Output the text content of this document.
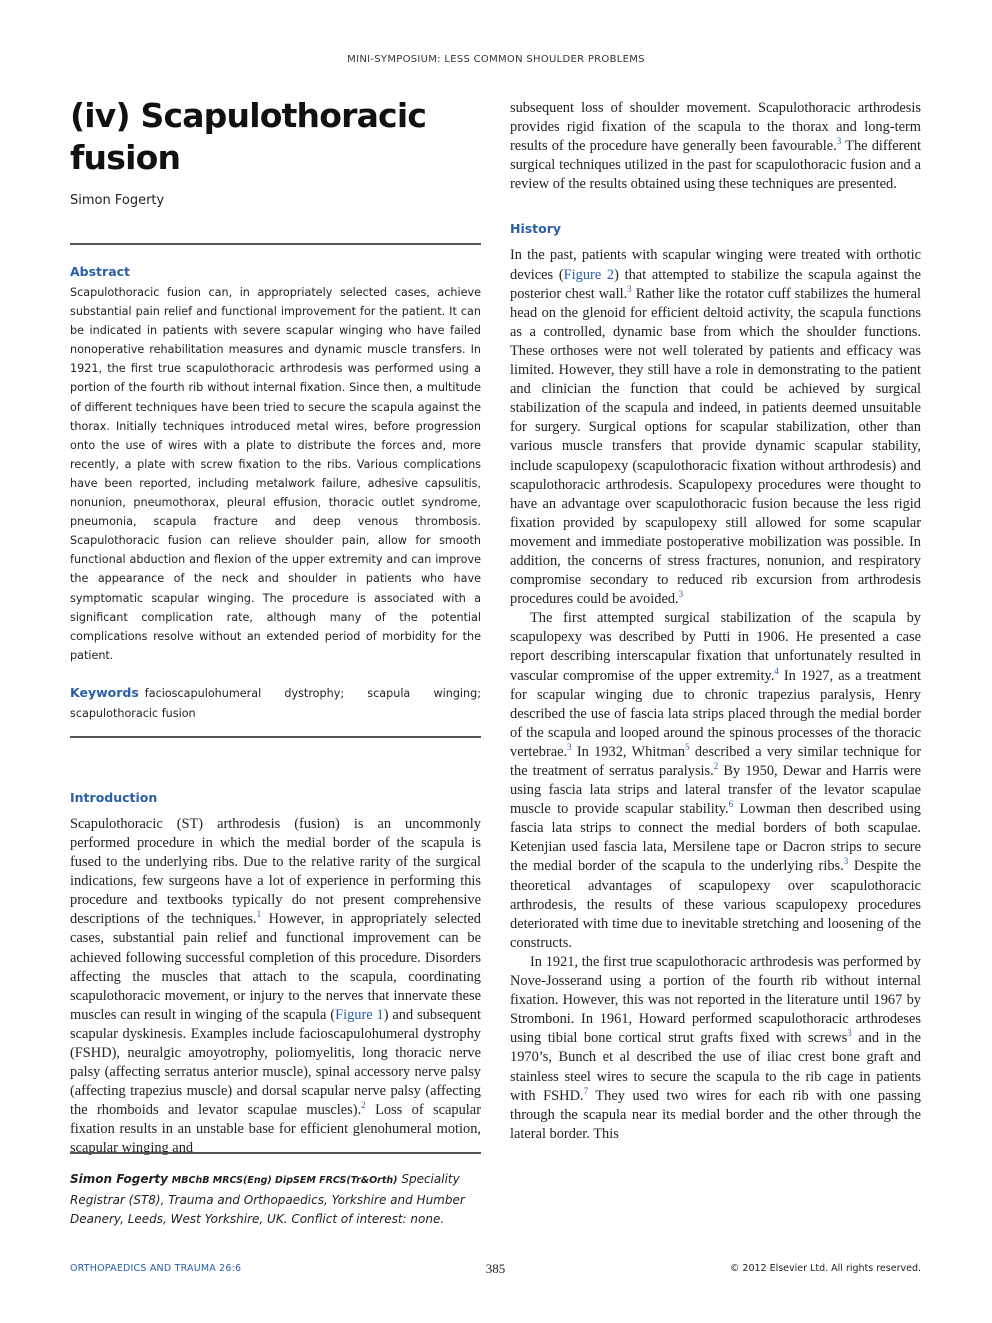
MINI-SYMPOSIUM: LESS COMMON SHOULDER PROBLEMS
(iv) Scapulothoracic fusion
Simon Fogerty
Abstract
Scapulothoracic fusion can, in appropriately selected cases, achieve substantial pain relief and functional improvement for the patient. It can be indicated in patients with severe scapular winging who have failed nonoperative rehabilitation measures and dynamic muscle transfers. In 1921, the first true scapulothoracic arthrodesis was performed using a portion of the fourth rib without internal fixation. Since then, a multitude of different techniques have been tried to secure the scapula against the thorax. Initially techniques introduced metal wires, before progression onto the use of wires with a plate to distribute the forces and, more recently, a plate with screw fixation to the ribs. Various complications have been reported, including metalwork failure, adhesive capsulitis, nonunion, pneumothorax, pleural effusion, thoracic outlet syndrome, pneumonia, scapula fracture and deep venous thrombosis. Scapulothoracic fusion can relieve shoulder pain, allow for smooth functional abduction and flexion of the upper extremity and can improve the appearance of the neck and shoulder in patients who have symptomatic scapular winging. The procedure is associated with a significant complication rate, although many of the potential complications resolve without an extended period of morbidity for the patient.
Keywords facioscapulohumeral dystrophy; scapula winging; scapulothoracic fusion
Introduction

Scapulothoracic (ST) arthrodesis (fusion) is an uncommonly performed procedure in which the medial border of the scapula is fused to the underlying ribs. Due to the relative rarity of the surgical indications, few surgeons have a lot of experience in performing this procedure and textbooks typically do not present comprehensive descriptions of the techniques.$^1$ However, in appropriately selected cases, substantial pain relief and functional improvement can be achieved following successful completion of this procedure. Disorders affecting the muscles that attach to the scapula, coordinating scapulothoracic movement, or injury to the nerves that innervate these muscles can result in winging of the scapula (Figure 1) and subsequent scapular dyskinesis. Examples include facioscapulohumeral dystrophy (FSHD), neuralgic amoyotrophy, poliomyelitis, long thoracic nerve palsy (affecting serratus anterior muscle), spinal accessory nerve palsy (affecting trapezius muscle) and dorsal scapular nerve palsy (affecting the rhomboids and levator scapulae muscles).$^2$ Loss of scapular fixation results in an unstable base for efficient glenohumeral motion, scapular winging and

Simon Fogerty MBChB MRCS(Eng) DipSEM FRCS(Tr&Orth) Speciality Registrar (ST8), Trauma and Orthopaedics, Yorkshire and Humber Deanery, Leeds, West Yorkshire, UK. Conflict of interest: none.

subsequent loss of shoulder movement. Scapulothoracic arthrodesis provides rigid fixation of the scapula to the thorax and long-term results of the procedure have generally been favourable.$^3$ The different surgical techniques utilized in the past for scapulothoracic fusion and a review of the results obtained using these techniques are presented.

History

In the past, patients with scapular winging were treated with orthotic devices (Figure 2) that attempted to stabilize the scapula against the posterior chest wall.$^3$ Rather like the rotator cuff stabilizes the humeral head on the glenoid for efficient deltoid activity, the scapula functions as a controlled, dynamic base from which the shoulder functions. These orthoses were not well tolerated by patients and efficacy was limited. However, they still have a role in demonstrating to the patient and clinician the function that could be achieved by surgical stabilization of the scapula and indeed, in patients deemed unsuitable for surgery. Surgical options for scapular stabilization, other than various muscle transfers that provide dynamic scapular stability, include scapulopexy (scapulothoracic fixation without arthrodesis) and scapulothoracic arthrodesis. Scapulopexy procedures were thought to have an advantage over scapulothoracic fusion because the less rigid fixation provided by scapulopexy still allowed for some scapular movement and immediate postoperative mobilization was possible. In addition, the concerns of stress fractures, nonunion, and respiratory compromise secondary to reduced rib excursion from arthrodesis procedures could be avoided.$^3$

The first attempted surgical stabilization of the scapula by scapulopexy was described by Putti in 1906. He presented a case report describing interscapular fixation that unfortunately resulted in vascular compromise of the upper extremity.$^4$ In 1927, as a treatment for scapular winging due to chronic trapezius paralysis, Henry described the use of fascia lata strips placed through the medial border of the scapula and looped around the spinous processes of the thoracic vertebrae.$^3$ In 1932, Whitman$^5$ described a very similar technique for the treatment of serratus paralysis.$^2$ By 1950, Dewar and Harris were using fascia lata strips and lateral transfer of the levator scapulae muscle to provide scapular stability.$^6$ Lowman then described using fascia lata strips to connect the medial borders of both scapulae. Ketenjian used fascia lata, Mersilene tape or Dacron strips to secure the medial border of the scapula to the underlying ribs.$^3$ Despite the theoretical advantages of scapulopexy over scapulothoracic arthrodesis, the results of these various scapulopexy procedures deteriorated with time due to inevitable stretching and loosening of the constructs.

In 1921, the first true scapulothoracic arthrodesis was performed by Nove-Josserand using a portion of the fourth rib without internal fixation. However, this was not reported in the literature until 1967 by Stromboni. In 1961, Howard performed scapulothoracic arthrodeses using tibial bone cortical strut grafts fixed with screws$^3$ and in the 1970’s, Bunch et al described the use of iliac crest bone graft and stainless steel wires to secure the scapula to the rib cage in patients with FSHD.$^7$ They used two wires for each rib with one passing through the scapula near its medial border and the other through the lateral border. This

ORTHOPAEDICS AND TRAUMA 26:6	385	© 2012 Elsevier Ltd. All rights reserved.
